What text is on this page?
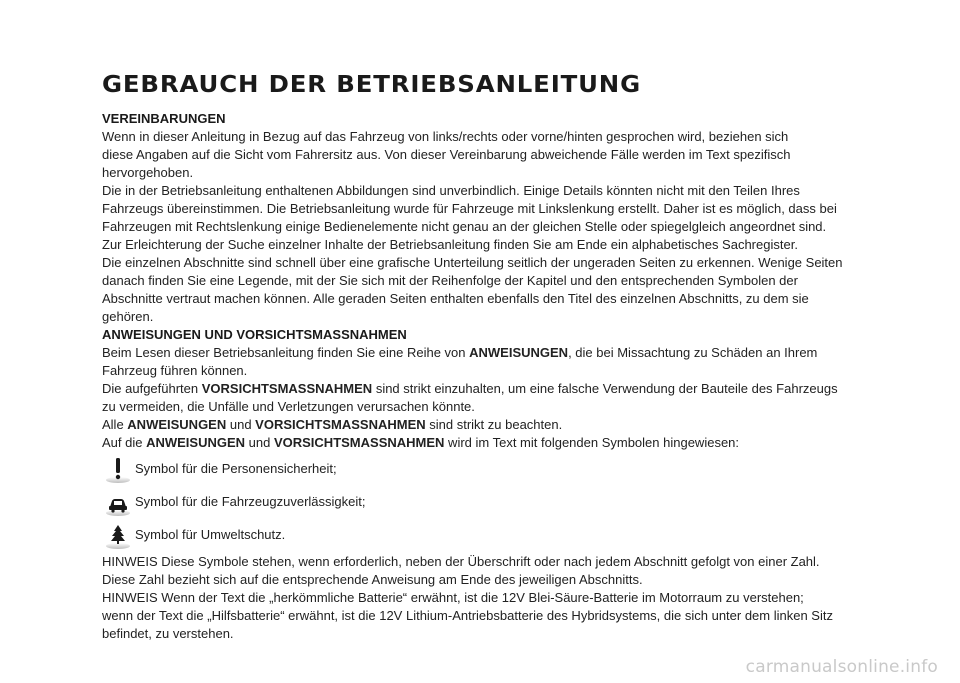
GEBRAUCH DER BETRIEBSANLEITUNG

VEREINBARUNGEN

Wenn in dieser Anleitung in Bezug auf das Fahrzeug von links/rechts oder vorne/hinten gesprochen wird, beziehen sich

diese Angaben auf die Sicht vom Fahrersitz aus. Von dieser Vereinbarung abweichende Fälle werden im Text spezifisch

hervorgehoben.

Die in der Betriebsanleitung enthaltenen Abbildungen sind unverbindlich. Einige Details könnten nicht mit den Teilen Ihres

Fahrzeugs übereinstimmen. Die Betriebsanleitung wurde für Fahrzeuge mit Linkslenkung erstellt. Daher ist es möglich, dass bei

Fahrzeugen mit Rechtslenkung einige Bedienelemente nicht genau an der gleichen Stelle oder spiegelgleich angeordnet sind.

Zur Erleichterung der Suche einzelner Inhalte der Betriebsanleitung finden Sie am Ende ein alphabetisches Sachregister.

Die einzelnen Abschnitte sind schnell über eine grafische Unterteilung seitlich der ungeraden Seiten zu erkennen. Wenige Seiten

danach finden Sie eine Legende, mit der Sie sich mit der Reihenfolge der Kapitel und den entsprechenden Symbolen der

Abschnitte vertraut machen können. Alle geraden Seiten enthalten ebenfalls den Titel des einzelnen Abschnitts, zu dem sie

gehören.

ANWEISUNGEN UND VORSICHTSMASSNAHMEN

Beim Lesen dieser Betriebsanleitung finden Sie eine Reihe von ANWEISUNGEN, die bei Missachtung zu Schäden an Ihrem

Fahrzeug führen können.

Die aufgeführten VORSICHTSMASSNAHMEN sind strikt einzuhalten, um eine falsche Verwendung der Bauteile des Fahrzeugs

zu vermeiden, die Unfälle und Verletzungen verursachen könnte.

Alle ANWEISUNGEN und VORSICHTSMASSNAHMEN sind strikt zu beachten.

Auf die ANWEISUNGEN und VORSICHTSMASSNAHMEN wird im Text mit folgenden Symbolen hingewiesen:

Symbol für die Personensicherheit;
Symbol für die Fahrzeugzuverlässigkeit;
Symbol für Umweltschutz.

HINWEIS Diese Symbole stehen, wenn erforderlich, neben der Überschrift oder nach jedem Abschnitt gefolgt von einer Zahl.

Diese Zahl bezieht sich auf die entsprechende Anweisung am Ende des jeweiligen Abschnitts.

HINWEIS Wenn der Text die „herkömmliche Batterie“ erwähnt, ist die 12V Blei-Säure-Batterie im Motorraum zu verstehen;

wenn der Text die „Hilfsbatterie“ erwähnt, ist die 12V Lithium-Antriebsbatterie des Hybridsystems, die sich unter dem linken Sitz

befindet, zu verstehen.

carmanualsonline.info
